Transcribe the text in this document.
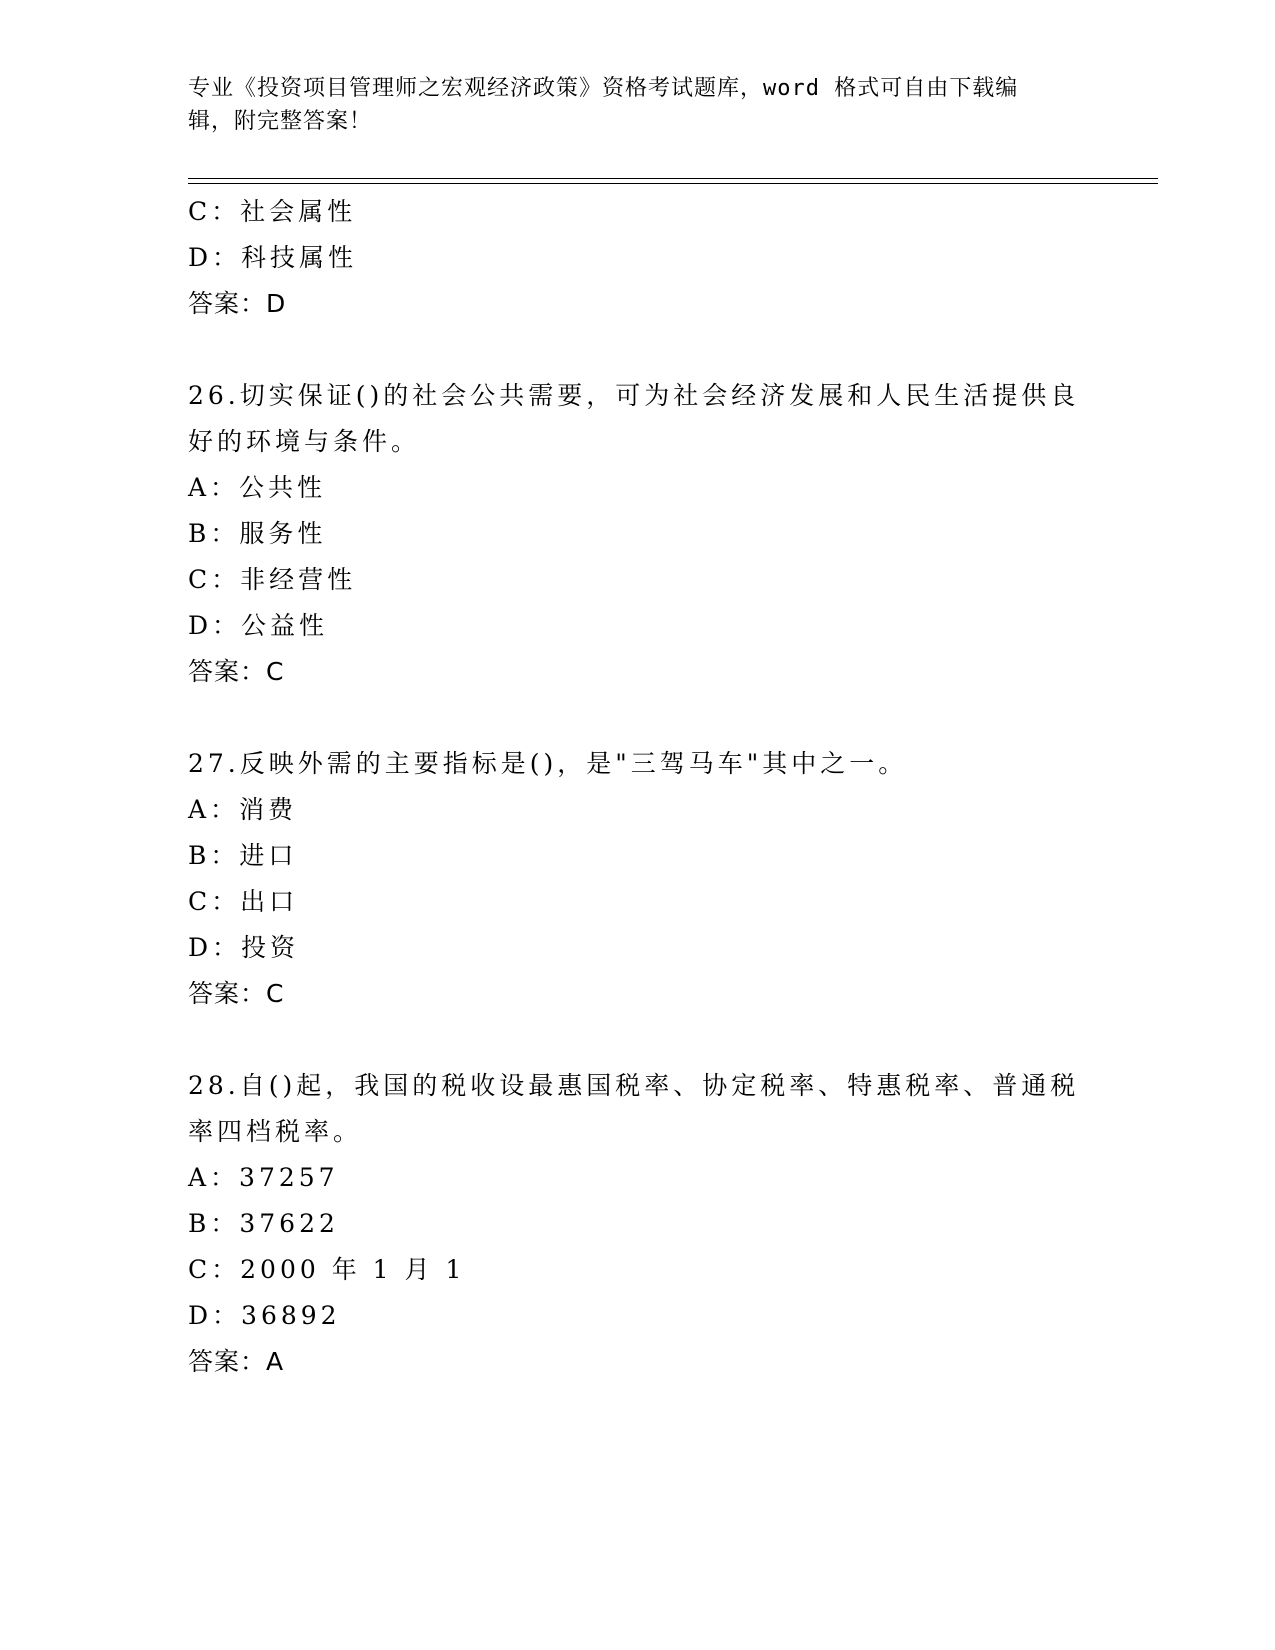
专业《投资项目管理师之宏观经济政策》资格考试题库，word 格式可自由下载编
辑，附完整答案！
C：社会属性
D：科技属性
答案：D
26.切实保证()的社会公共需要，可为社会经济发展和人民生活提供良
好的环境与条件。
A：公共性
B：服务性
C：非经营性
D：公益性
答案：C
27.反映外需的主要指标是()，是"三驾马车"其中之一。
A：消费
B：进口
C：出口
D：投资
答案：C
28.自()起，我国的税收设最惠国税率、协定税率、特惠税率、普通税
率四档税率。
A：37257
B：37622
C：2000 年 1 月 1
D：36892
答案：A
